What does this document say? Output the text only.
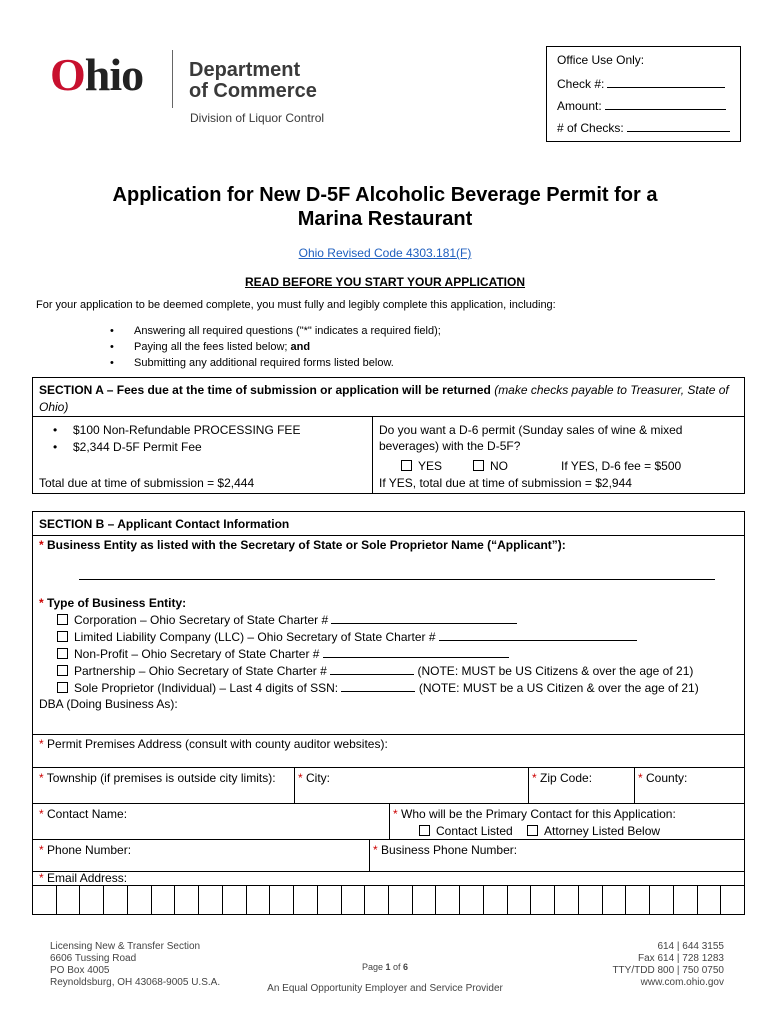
Ohio Department
of Commerce
Division of Liquor Control
Office Use Only:
Check #:
Amount:
# of Checks:
Application for New D-5F Alcoholic Beverage Permit for a
Marina Restaurant
Ohio Revised Code 4303.181(F)
READ BEFORE YOU START YOUR APPLICATION
For your application to be deemed complete, you must fully and legibly complete this application, including:
• Answering all required questions ("*" indicates a required field);
• Paying all the fees listed below; and
• Submitting any additional required forms listed below.
SECTION A – Fees due at the time of submission or application will be returned (make checks payable to Treasurer, State of Ohio)
• $100 Non-Refundable PROCESSING FEE
• $2,344 D-5F Permit Fee
Total due at time of submission = $2,444
Do you want a D-6 permit (Sunday sales of wine & mixed beverages) with the D-5F?
YES	NO	If YES, D-6 fee = $500
If YES, total due at time of submission = $2,944
SECTION B – Applicant Contact Information
* Business Entity as listed with the Secretary of State or Sole Proprietor Name (“Applicant”):
* Type of Business Entity:
Corporation – Ohio Secretary of State Charter #
Limited Liability Company (LLC) – Ohio Secretary of State Charter #
Non-Profit – Ohio Secretary of State Charter #
Partnership – Ohio Secretary of State Charter #	(NOTE: MUST be US Citizens & over the age of 21)
Sole Proprietor (Individual) – Last 4 digits of SSN:	(NOTE: MUST be a US Citizen & over the age of 21)
DBA (Doing Business As):
* Permit Premises Address (consult with county auditor websites):
* Township (if premises is outside city limits): * City:	* Zip Code:	* County:
* Contact Name:	* Who will be the Primary Contact for this Application:
Contact Listed	Attorney Listed Below
* Phone Number:	* Business Phone Number:
* Email Address:
Licensing New & Transfer Section
6606 Tussing Road
PO Box 4005
Reynoldsburg, OH 43068-9005 U.S.A.
Page 1 of 6
614 | 644 3155
Fax 614 | 728 1283
TTY/TDD 800 | 750 0750
www.com.ohio.gov
An Equal Opportunity Employer and Service Provider
